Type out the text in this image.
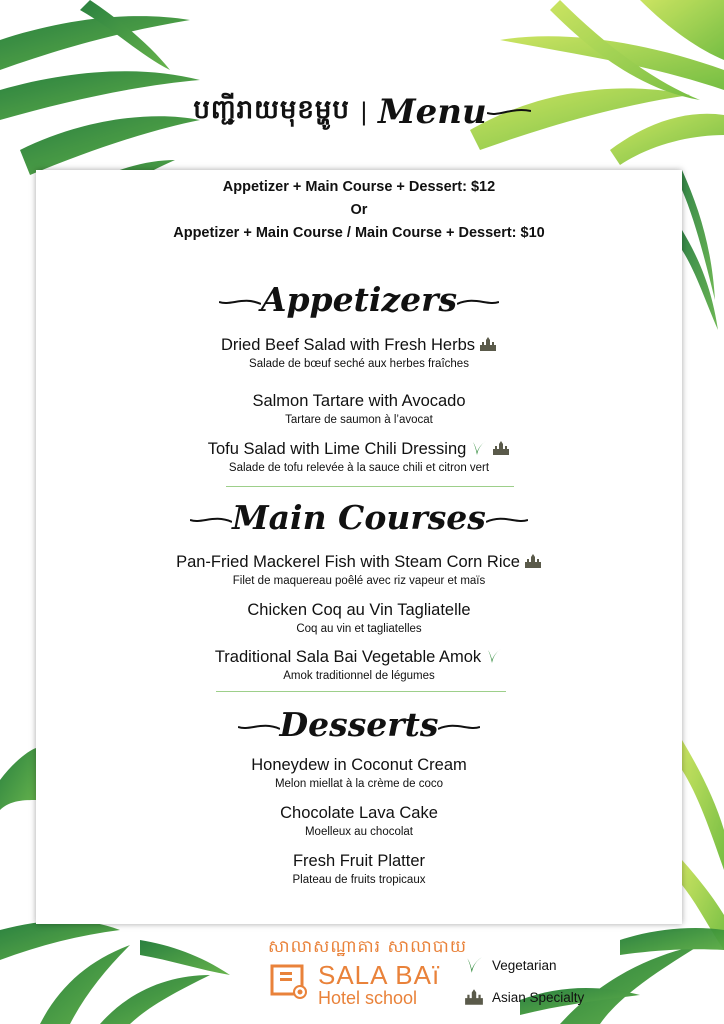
បញ្ជីរាយមុខម្ហូប | Menu
Appetizer + Main Course + Dessert: $12
Or
Appetizer + Main Course / Main Course + Dessert: $10
Appetizers
Dried Beef Salad with Fresh Herbs
Salade de bœuf seché aux herbes fraîches
Salmon Tartare with Avocado
Tartare de saumon à l’avocat
Tofu Salad with Lime Chili Dressing
Salade de tofu relevée à la sauce chili et citron vert
Main Courses
Pan-Fried Mackerel Fish with Steam Corn Rice
Filet de maquereau poêlé avec riz vapeur et maïs
Chicken Coq au Vin Tagliatelle
Coq au vin et tagliatelles
Traditional Sala Bai Vegetable Amok
Amok traditionnel de légumes
Desserts
Honeydew in Coconut Cream
Melon miellat à la crème de coco
Chocolate Lava Cake
Moelleux au chocolat
Fresh Fruit Platter
Plateau de fruits tropicaux
សាលាសណ្ឋាគារ សាលាបាយ
SALA BAï
Hotel school
Vegetarian
Asian Specialty
